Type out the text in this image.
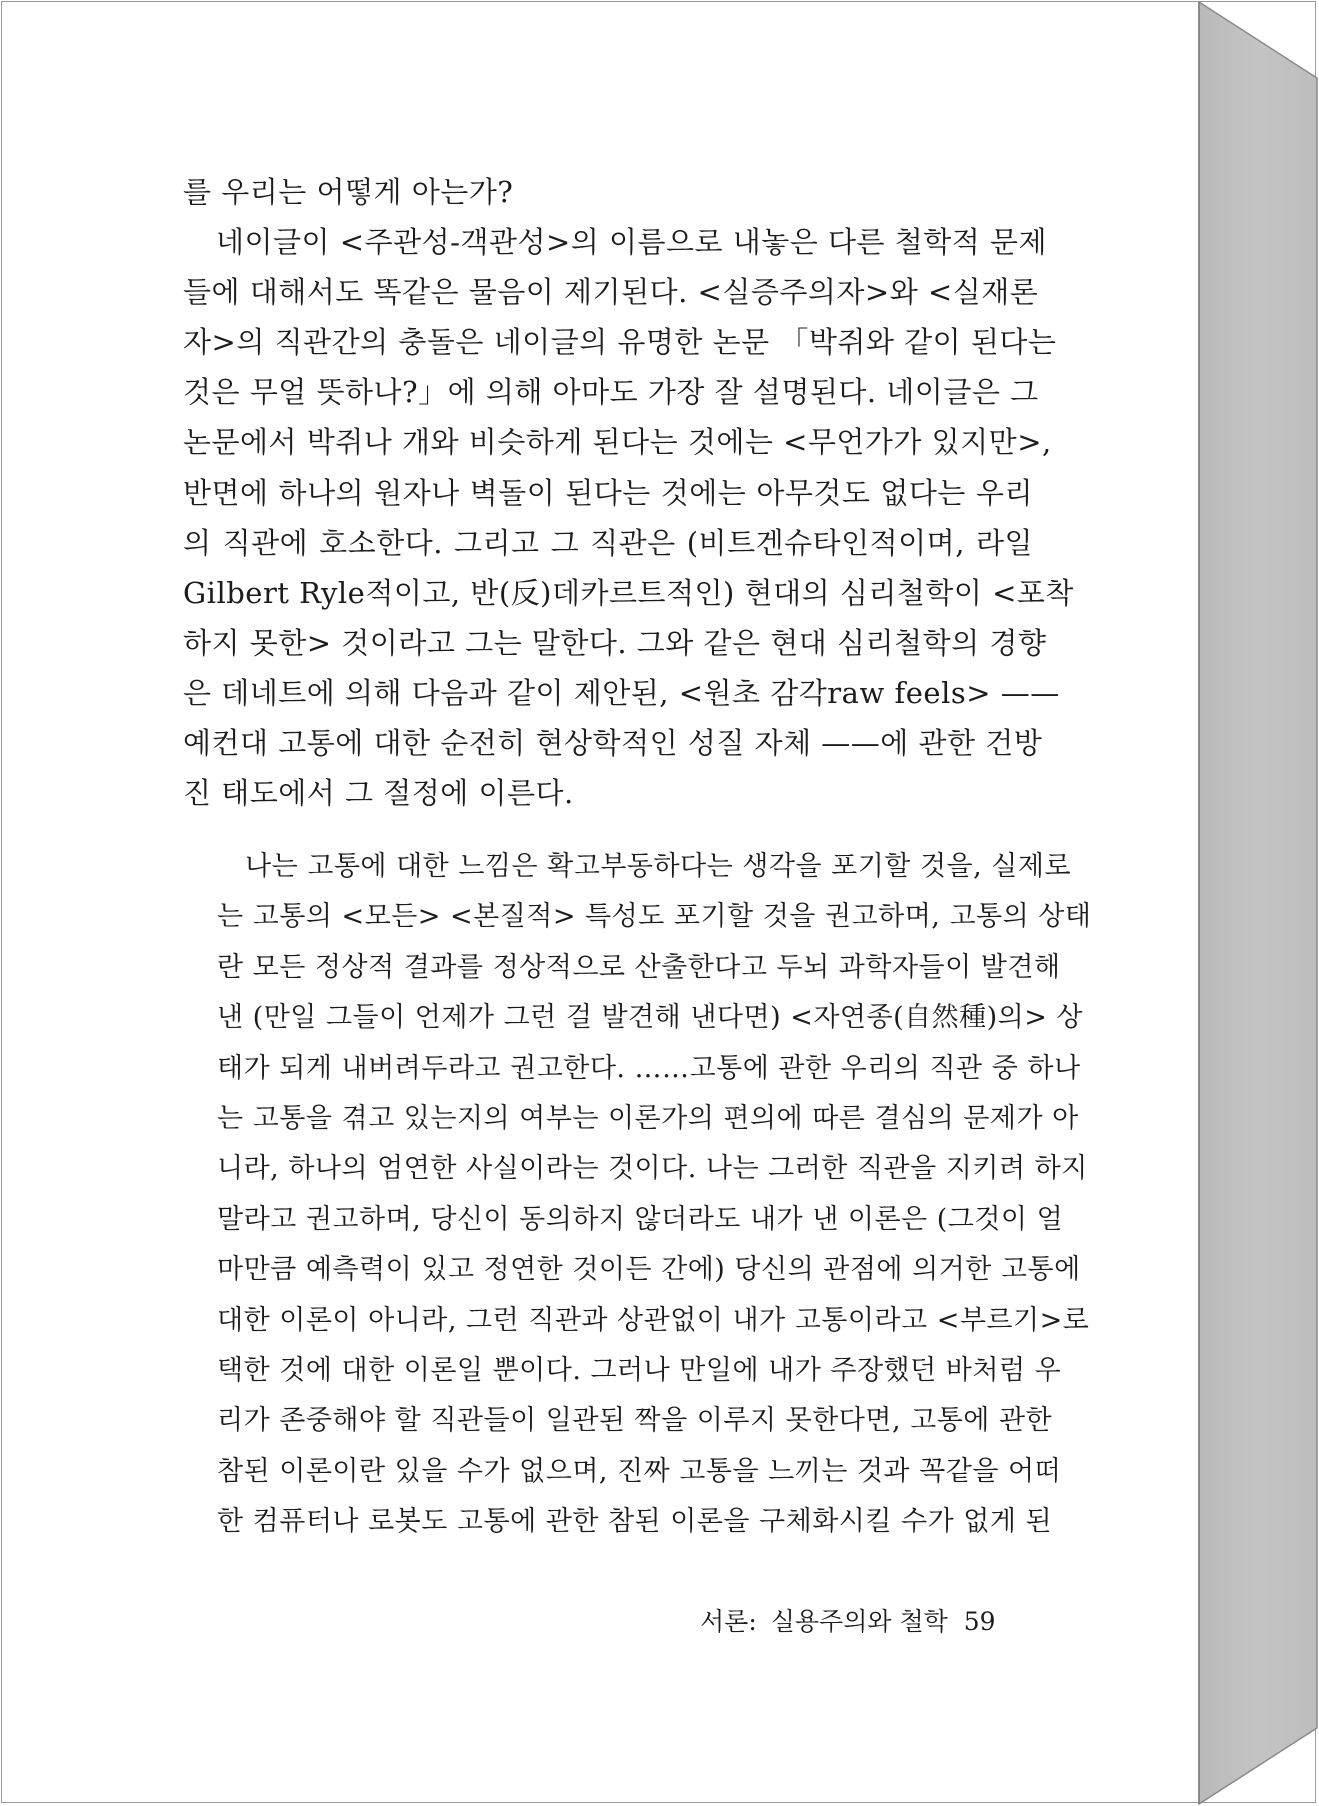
를 우리는 어떻게 아는가?
네이글이 <주관성-객관성>의 이름으로 내놓은 다른 철학적 문제
들에 대해서도 똑같은 물음이 제기된다. <실증주의자>와 <실재론
자>의 직관간의 충돌은 네이글의 유명한 논문 「박쥐와 같이 된다는
것은 무얼 뜻하나?」에 의해 아마도 가장 잘 설명된다. 네이글은 그
논문에서 박쥐나 개와 비슷하게 된다는 것에는 <무언가가 있지만>,
반면에 하나의 원자나 벽돌이 된다는 것에는 아무것도 없다는 우리
의 직관에 호소한다. 그리고 그 직관은 (비트겐슈타인적이며, 라일
Gilbert Ryle적이고, 반(反)데카르트적인) 현대의 심리철학이 <포착
하지 못한> 것이라고 그는 말한다. 그와 같은 현대 심리철학의 경향
은 데네트에 의해 다음과 같이 제안된, <원초 감각raw feels> ——
예컨대 고통에 대한 순전히 현상학적인 성질 자체 ——에 관한 건방
진 태도에서 그 절정에 이른다.
나는 고통에 대한 느낌은 확고부동하다는 생각을 포기할 것을, 실제로
는 고통의 <모든> <본질적> 특성도 포기할 것을 권고하며, 고통의 상태
란 모든 정상적 결과를 정상적으로 산출한다고 두뇌 과학자들이 발견해
낸 (만일 그들이 언제가 그런 걸 발견해 낸다면) <자연종(自然種)의> 상
태가 되게 내버려두라고 권고한다. ……고통에 관한 우리의 직관 중 하나
는 고통을 겪고 있는지의 여부는 이론가의 편의에 따른 결심의 문제가 아
니라, 하나의 엄연한 사실이라는 것이다. 나는 그러한 직관을 지키려 하지
말라고 권고하며, 당신이 동의하지 않더라도 내가 낸 이론은 (그것이 얼
마만큼 예측력이 있고 정연한 것이든 간에) 당신의 관점에 의거한 고통에
대한 이론이 아니라, 그런 직관과 상관없이 내가 고통이라고 <부르기>로
택한 것에 대한 이론일 뿐이다. 그러나 만일에 내가 주장했던 바처럼 우
리가 존중해야 할 직관들이 일관된 짝을 이루지 못한다면, 고통에 관한
참된 이론이란 있을 수가 없으며, 진짜 고통을 느끼는 것과 꼭같을 어떠
한 컴퓨터나 로봇도 고통에 관한 참된 이론을 구체화시킬 수가 없게 된
서론: 실용주의와 철학 59
